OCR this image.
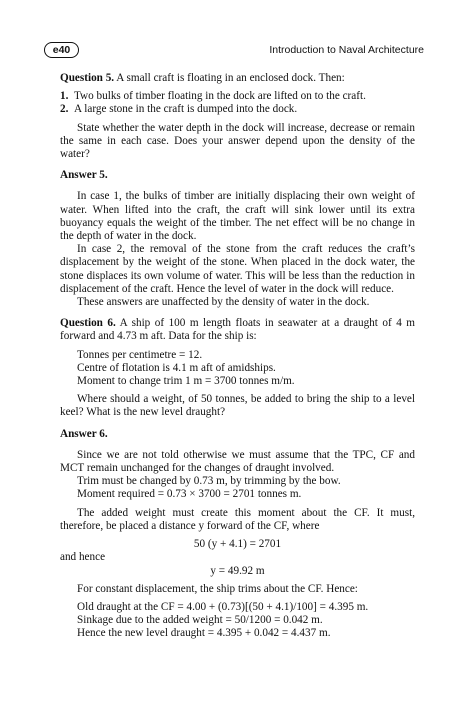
e40	Introduction to Naval Architecture

Question 5. A small craft is floating in an enclosed dock. Then:

1. Two bulks of timber floating in the dock are lifted on to the craft.
2. A large stone in the craft is dumped into the dock.

State whether the water depth in the dock will increase, decrease or remain the same in each case. Does your answer depend upon the density of the water?

Answer 5.

In case 1, the bulks of timber are initially displacing their own weight of water. When lifted into the craft, the craft will sink lower until its extra buoyancy equals the weight of the timber. The net effect will be no change in the depth of water in the dock.

In case 2, the removal of the stone from the craft reduces the craft’s displacement by the weight of the stone. When placed in the dock water, the stone displaces its own volume of water. This will be less than the reduction in displacement of the craft. Hence the level of water in the dock will reduce.

These answers are unaffected by the density of water in the dock.

Question 6. A ship of 100 m length floats in seawater at a draught of 4 m forward and 4.73 m aft. Data for the ship is:

Tonnes per centimetre = 12.

Centre of flotation is 4.1 m aft of amidships.

Moment to change trim 1 m = 3700 tonnes m/m.

Where should a weight, of 50 tonnes, be added to bring the ship to a level keel? What is the new level draught?

Answer 6.

Since we are not told otherwise we must assume that the TPC, CF and MCT remain unchanged for the changes of draught involved.

Trim must be changed by 0.73 m, by trimming by the bow.

Moment required = 0.73 × 3700 = 2701 tonnes m.

The added weight must create this moment about the CF. It must, therefore, be placed a distance y forward of the CF, where

50 (y + 4.1) = 2701

and hence

y = 49.92 m

For constant displacement, the ship trims about the CF. Hence:

Old draught at the CF = 4.00 + (0.73)[(50 + 4.1)/100] = 4.395 m.

Sinkage due to the added weight = 50/1200 = 0.042 m.

Hence the new level draught = 4.395 + 0.042 = 4.437 m.
